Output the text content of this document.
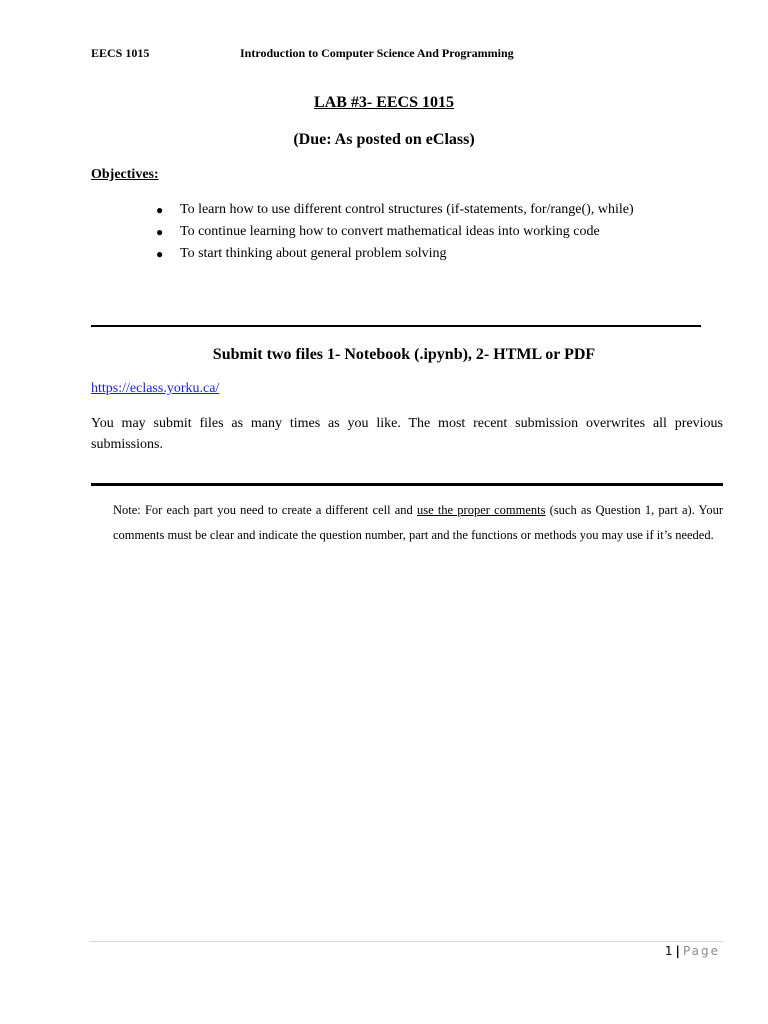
EECS 1015	Introduction to Computer Science And Programming
LAB #3- EECS 1015
(Due: As posted on eClass)
Objectives:
● To learn how to use different control structures (if-statements, for/range(), while)
● To continue learning how to convert mathematical ideas into working code
● To start thinking about general problem solving
Submit two files 1- Notebook (.ipynb), 2- HTML or PDF
https://eclass.yorku.ca/

You may submit files as many times as you like. The most recent submission overwrites all previous submissions.

Note: For each part you need to create a different cell and use the proper comments (such as Question 1, part a). Your comments must be clear and indicate the question number, part and the functions or methods you may use if it’s needed.

1 | Page
